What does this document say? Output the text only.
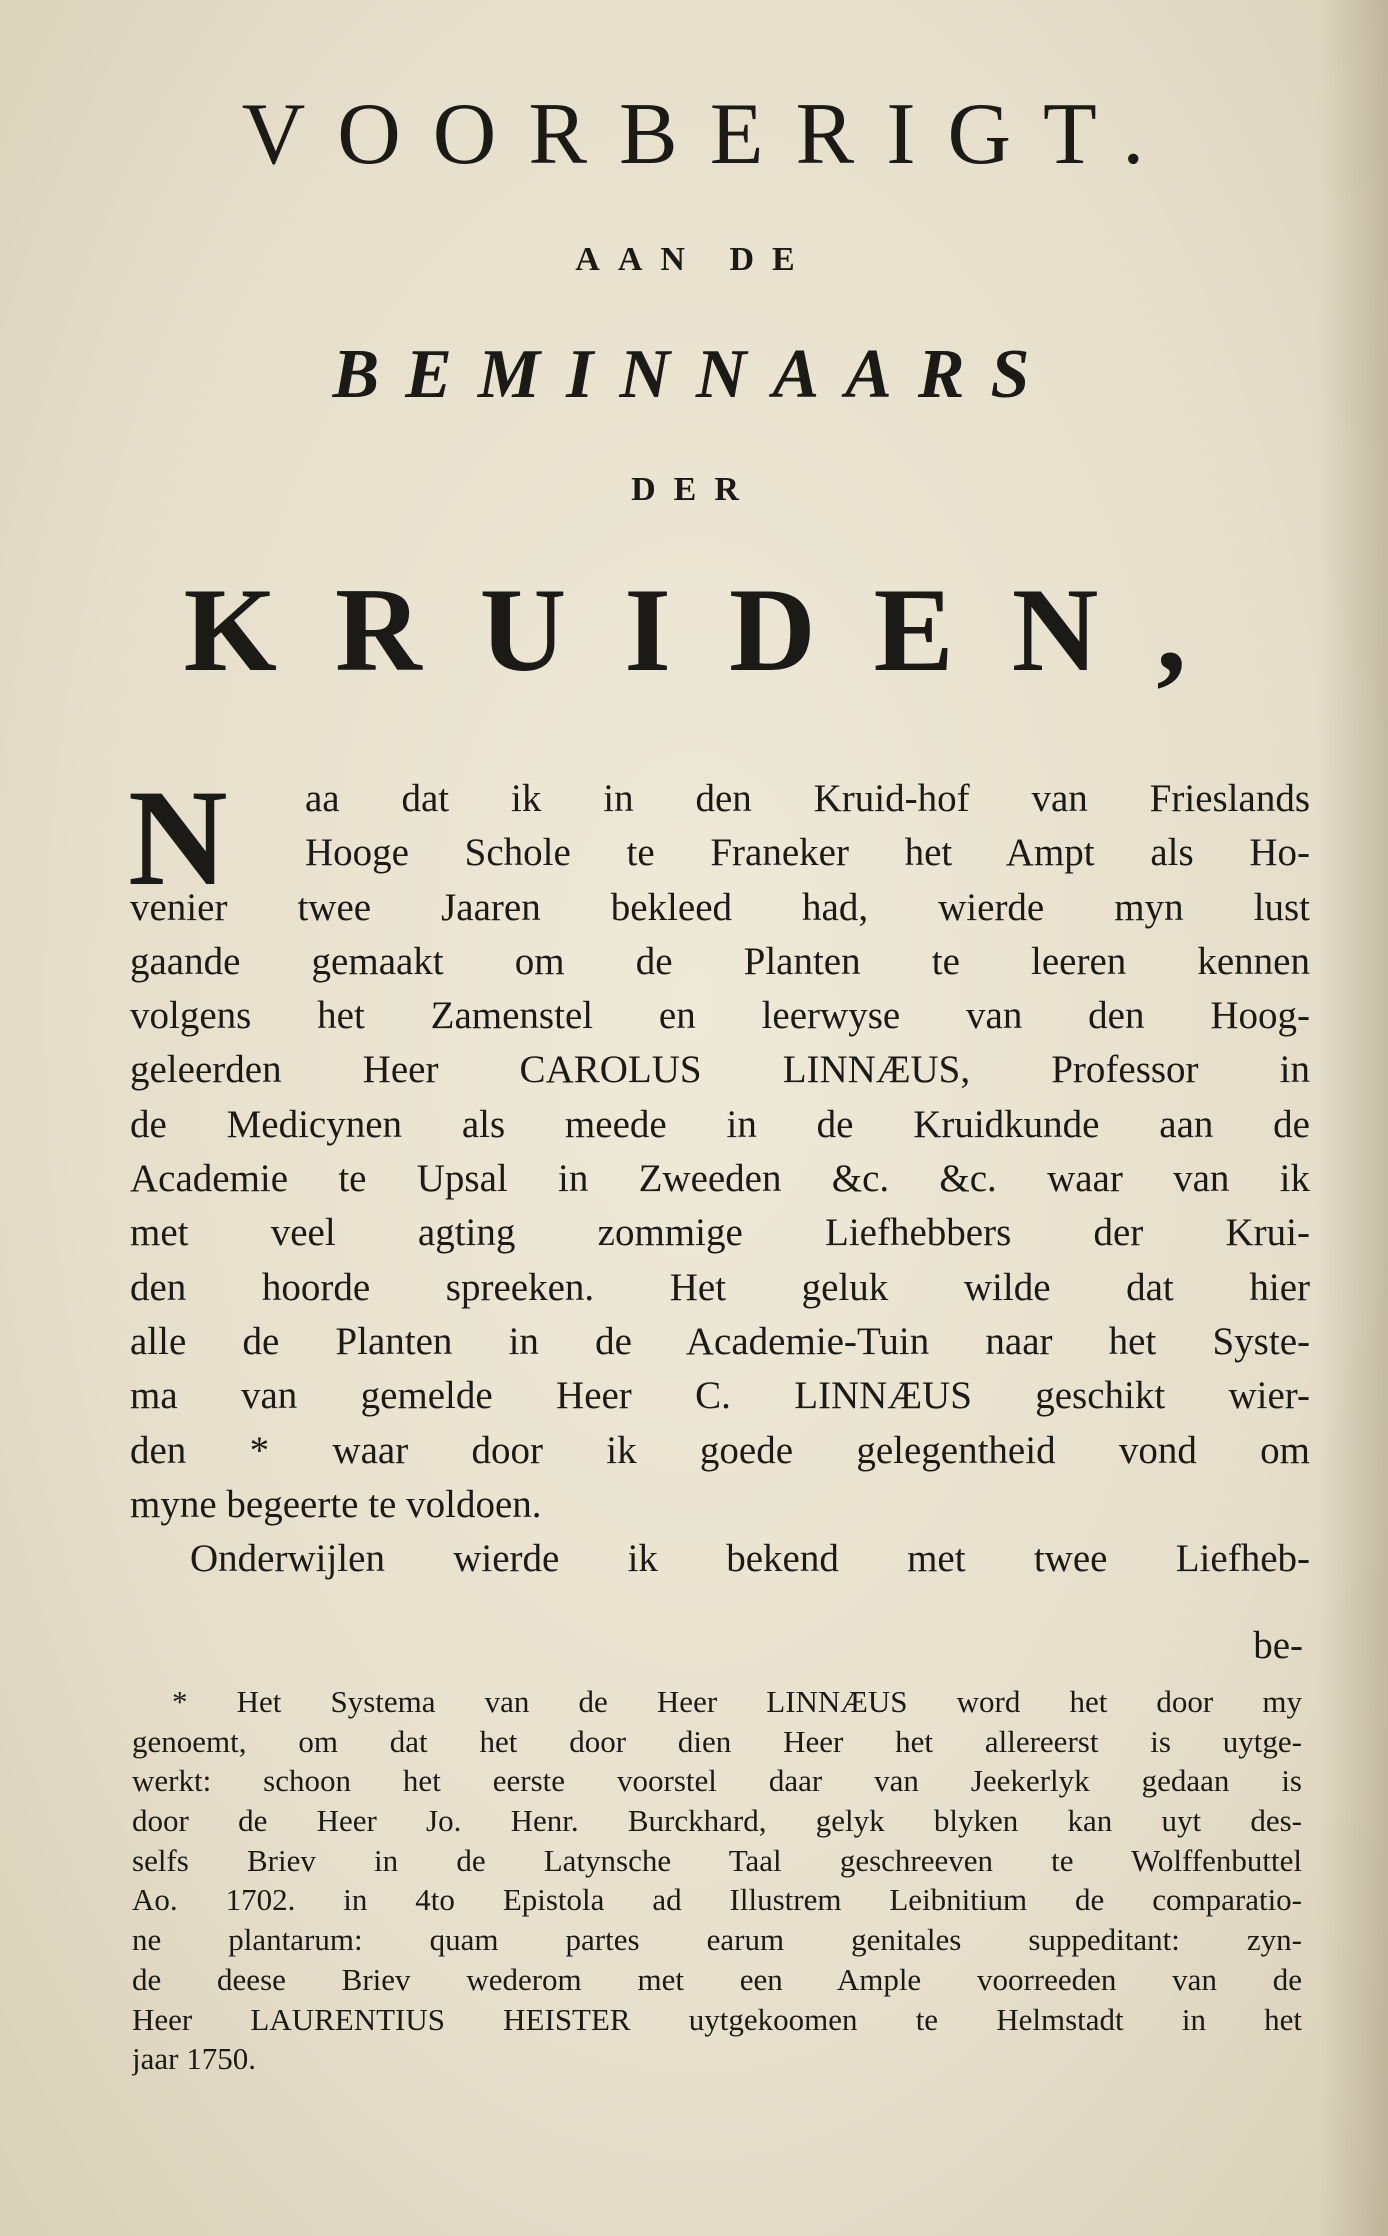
VOORBERIGT.
AAN DE
BEMINNAARS
DER
KRUIDEN,
N	aa dat ik in den Kruid-hof van Frieslands
Hooge Schole te Franeker het Ampt als Ho-
venier twee Jaaren bekleed had, wierde myn lust
gaande gemaakt om de Planten te leeren kennen
volgens het Zamenstel en leerwyse van den Hoog-
geleerden Heer CAROLUS LINNÆUS, Professor in
de Medicynen als meede in de Kruidkunde aan de
Academie te Upsal in Zweeden &c. &c. waar van ik
met veel agting zommige Liefhebbers der Krui-
den hoorde spreeken. Het geluk wilde dat hier
alle de Planten in de Academie-Tuin naar het Syste-
ma van gemelde Heer C. LINNÆUS geschikt wier-
den * waar door ik goede gelegentheid vond om
myne begeerte te voldoen.
Onderwijlen wierde ik bekend met twee Liefheb-
be-
* Het Systema van de Heer LINNÆUS word het door my
genoemt, om dat het door dien Heer het allereerst is uytge-
werkt: schoon het eerste voorstel daar van Jeekerlyk gedaan is
door de Heer Jo. Henr. Burckhard, gelyk blyken kan uyt des-
selfs Briev in de Latynsche Taal geschreeven te Wolffenbuttel
Ao. 1702. in 4to Epistola ad Illustrem Leibnitium de comparatio-
ne plantarum: quam partes earum genitales suppeditant: zyn-
de deese Briev wederom met een Ample voorreeden van de
Heer LAURENTIUS HEISTER uytgekoomen te Helmstadt in het
jaar 1750.
